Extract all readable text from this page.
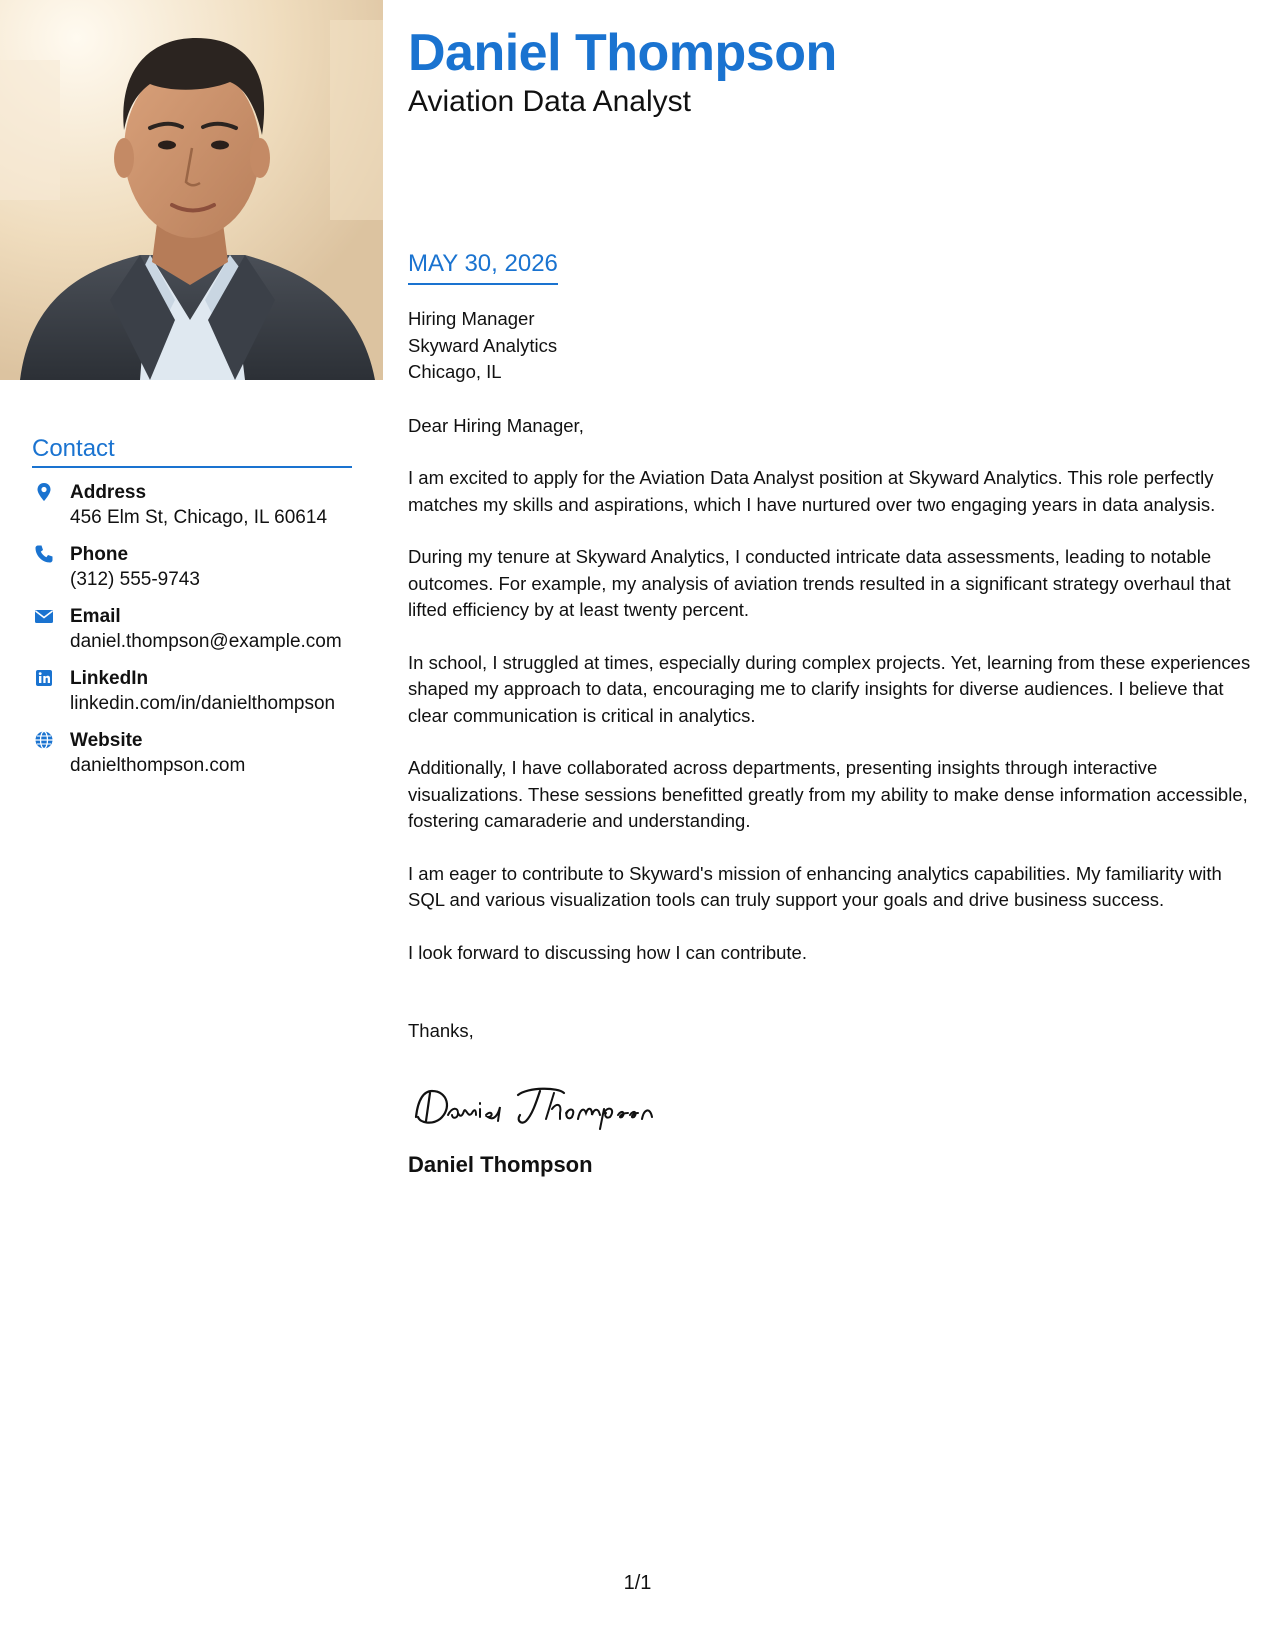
Daniel Thompson
Aviation Data Analyst
Contact
Address
456 Elm St, Chicago, IL 60614
Phone
(312) 555-9743
Email
daniel.thompson@example.com
LinkedIn
linkedin.com/in/danielthompson
Website
danielthompson.com
MAY 30, 2026
Hiring Manager
Skyward Analytics
Chicago, IL
Dear Hiring Manager,

I am excited to apply for the Aviation Data Analyst position at Skyward Analytics. This role perfectly matches my skills and aspirations, which I have nurtured over two engaging years in data analysis.

During my tenure at Skyward Analytics, I conducted intricate data assessments, leading to notable outcomes. For example, my analysis of aviation trends resulted in a significant strategy overhaul that lifted efficiency by at least twenty percent.

In school, I struggled at times, especially during complex projects. Yet, learning from these experiences shaped my approach to data, encouraging me to clarify insights for diverse audiences. I believe that clear communication is critical in analytics.

Additionally, I have collaborated across departments, presenting insights through interactive visualizations. These sessions benefitted greatly from my ability to make dense information accessible, fostering camaraderie and understanding.

I am eager to contribute to Skyward's mission of enhancing analytics capabilities. My familiarity with SQL and various visualization tools can truly support your goals and drive business success.

I look forward to discussing how I can contribute.

Thanks,
Daniel Thompson
1/1
